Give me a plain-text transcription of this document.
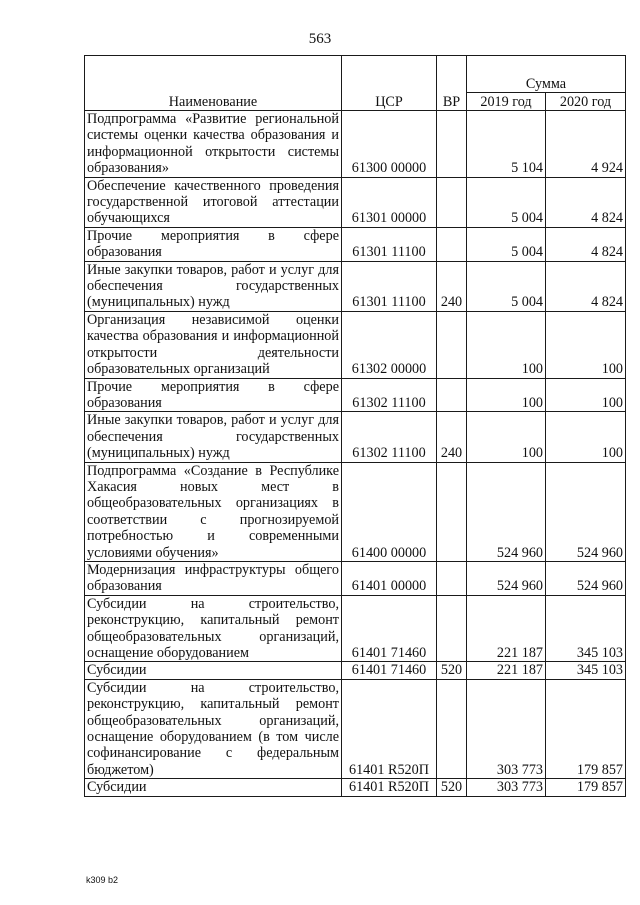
563
Наименование	ЦСР	ВР	Сумма	
			2019 год	2020 год
Подпрограмма «Развитие региональной системы оценки качества образования и информационной открытости системы образования»	61300 00000		5 104	4 924
Обеспечение качественного проведения государственной итоговой аттестации обучающихся	61301 00000		5 004	4 824
Прочие мероприятия в сфере образования	61301 11100		5 004	4 824
Иные закупки товаров, работ и услуг для обеспечения государственных (муниципальных) нужд	61301 11100	240	5 004	4 824
Организация независимой оценки качества образования и информационной открытости деятельности образовательных организаций	61302 00000		100	100
Прочие мероприятия в сфере образования	61302 11100		100	100
Иные закупки товаров, работ и услуг для обеспечения государственных (муниципальных) нужд	61302 11100	240	100	100
Подпрограмма «Создание в Республике Хакасия новых мест в общеобразовательных организациях в соответствии с прогнозируемой потребностью и современными условиями обучения»	61400 00000		524 960	524 960
Модернизация инфраструктуры общего образования	61401 00000		524 960	524 960
Субсидии на строительство, реконструкцию, капитальный ремонт общеобразовательных организаций, оснащение оборудованием	61401 71460		221 187	345 103
Субсидии	61401 71460	520	221 187	345 103
Субсидии на строительство, реконструкцию, капитальный ремонт общеобразовательных организаций, оснащение оборудованием (в том числе софинансирование с федеральным бюджетом)	61401 R520П		303 773	179 857
Субсидии	61401 R520П	520	303 773	179 857
k309 b2
